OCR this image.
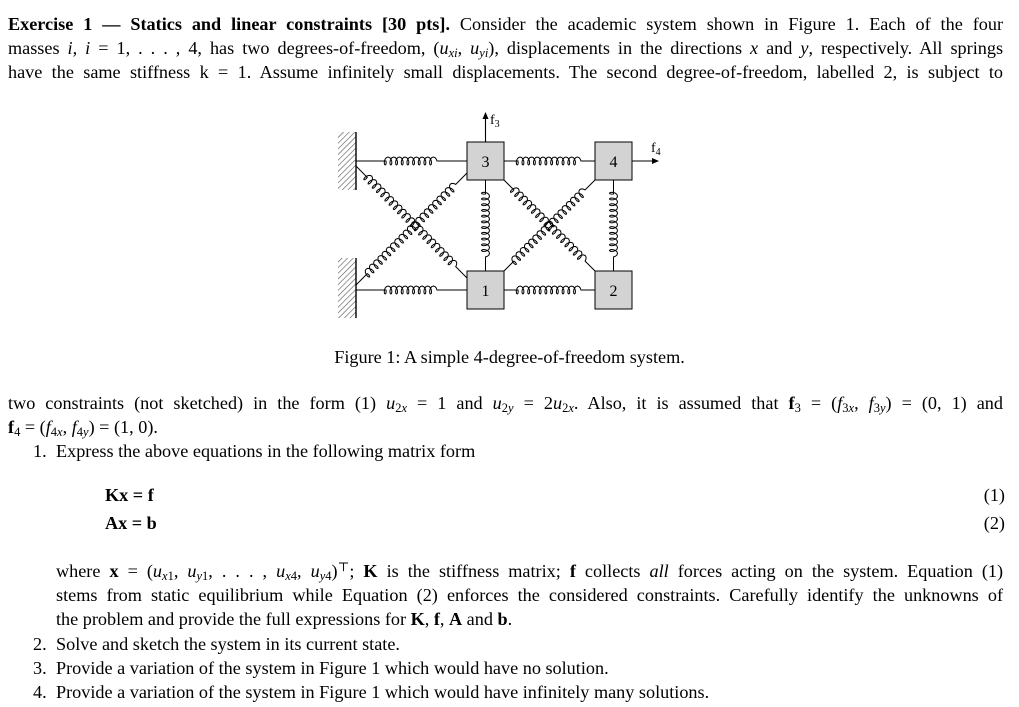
Exercise 1 — Statics and linear constraints [30 pts]. Consider the academic system shown in Figure 1. Each of the four
masses i, i = 1, . . . , 4, has two degrees-of-freedom, ($u_{xi}$, $u_{yi}$), displacements in the directions x and y, respectively. All springs
have the same stiffness k = 1. Assume infinitely small displacements. The second degree-of-freedom, labelled 2, is subject to
3	4
1	2
$f_3$
$f_4$
Figure 1: A simple 4-degree-of-freedom system.
two constraints (not sketched) in the form (1) $u_{2x} = 1$ and $u_{2y} = 2u_{2x}$. Also, it is assumed that $f_3 = (f_{3x}$, $f_{3y}) = (0$, 1) and
$f_4 = (f_{4x}$, $f_{4y}) = (1$, 0).
1. Express the above equations in the following matrix form
Kx = f	(1)
Ax = b	(2)
where $x = (u_{x1}$, $u_{y1}$, . . . , $u_{x4}$, $u_{y4})^⊤$; K is the stiffness matrix; f collects all forces acting on the system. Equation (1)
stems from static equilibrium while Equation (2) enforces the considered constraints. Carefully identify the unknowns of
the problem and provide the full expressions for K, f, A and b.
2. Solve and sketch the system in its current state.
3. Provide a variation of the system in Figure 1 which would have no solution.
4. Provide a variation of the system in Figure 1 which would have infinitely many solutions.
